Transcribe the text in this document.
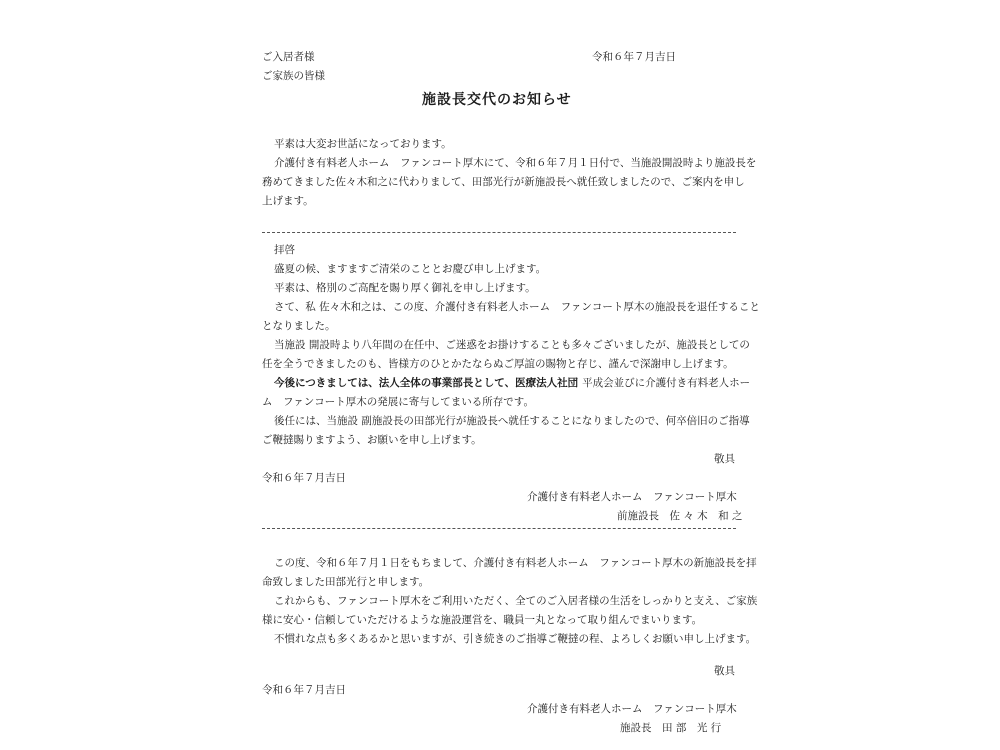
ご入居者様	令和６年７月吉日
ご家族の皆様
施設長交代のお知らせ
平素は大変お世話になっております。
介護付き有料老人ホーム　ファンコート厚木にて、令和６年７月１日付で、当施設開設時より施設長を
務めてきました佐々木和之に代わりまして、田部光行が新施設長へ就任致しましたので、ご案内を申し
上げます。
拝啓
盛夏の候、ますますご清栄のこととお慶び申し上げます。
平素は、格別のご高配を賜り厚く御礼を申し上げます。
さて、私 佐々木和之は、この度、介護付き有料老人ホーム　ファンコート厚木の施設長を退任すること
となりました。
当施設 開設時より八年間の在任中、ご迷惑をお掛けすることも多々ございましたが、施設長としての
任を全うできましたのも、皆様方のひとかたならぬご厚誼の賜物と存じ、謹んで深謝申し上げます。
今後につきましては、法人全体の事業部長として、医療法人社団 平成会並びに介護付き有料老人ホー
ム　ファンコート厚木の発展に寄与してまいる所存です。
後任には、当施設 副施設長の田部光行が施設長へ就任することになりましたので、何卒倍旧のご指導
ご鞭撻賜りますよう、お願いを申し上げます。
敬具
令和６年７月吉日
介護付き有料老人ホーム　ファンコート厚木
前施設長　佐 々 木　和 之
この度、令和６年７月１日をもちまして、介護付き有料老人ホーム　ファンコート厚木の新施設長を拝
命致しました田部光行と申します。
これからも、ファンコート厚木をご利用いただく、全てのご入居者様の生活をしっかりと支え、ご家族
様に安心・信頼していただけるような施設運営を、職員一丸となって取り組んでまいります。
不慣れな点も多くあるかと思いますが、引き続きのご指導ご鞭撻の程、よろしくお願い申し上げます。
敬具
令和６年７月吉日
介護付き有料老人ホーム　ファンコート厚木
施設長　田 部　光 行
